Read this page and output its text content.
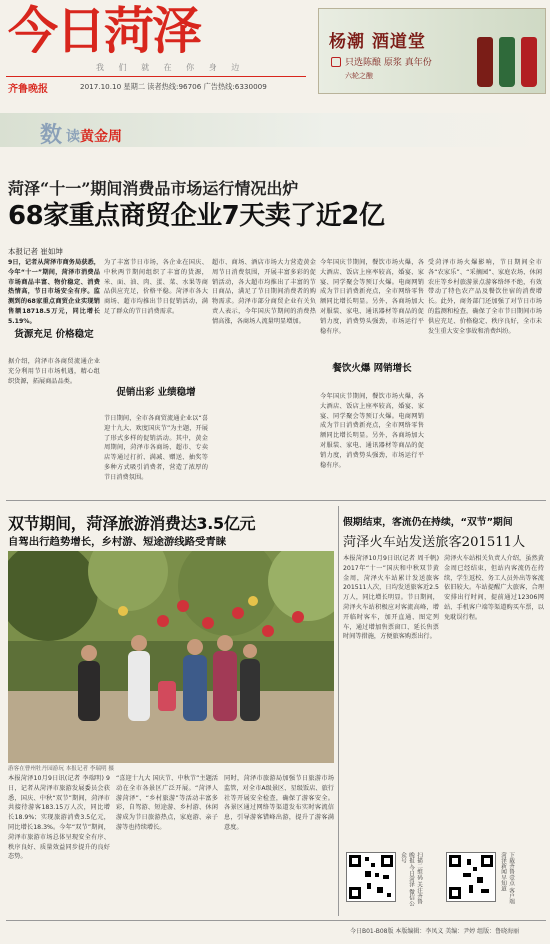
今日菏泽
我 们 就 在 你 身 边
齐鲁晚报	2017.10.10 星期二 读者热线:96706 广告热线:6330009
杨潮 酒道堂
只选陈酿 原浆 真年份
六轮之酿
数 读黄金周
菏泽“十一”期间消费品市场运行情况出炉
68家重点商贸企业7天卖了近2亿
本报记者 崔如坤
9日，记者从菏泽市商务局获悉，今年“十一”期间，菏泽市消费品市场商品丰富、物价稳定、消费热情高，节日市场安全有序。监测到的68家重点商贸企业实现销售额18718.5万元，同比增长5.19%。
货源充足 价格稳定
据介绍，菏泽市各商贸流通企业充分利用节日市场机遇，精心组织货源，拓展商品品类。
为了丰富节日市场，各企业在国庆、中秋两节期间组织了丰富的货源，米、面、油、肉、蛋、菜、水果等商品供应充足，价格平稳。菏泽市各大商场、超市均推出节日促销活动，满足了群众的节日消费需求。
促销出彩 业绩稳增
节日期间，全市各商贸流通企业以“喜迎十九大、欢度国庆节”为主题，开展了形式多样的促销活动。其中，黄金周期间，菏泽市各商场、超市、专卖店等通过打折、满减、赠送、抽奖等多种方式吸引消费者，营造了浓厚的节日消费氛围。
超市、商场、酒店市场大力营造黄金周节日消费氛围，开展丰富多彩的促销活动，各大超市均推出了丰富的节日商品，满足了节日期间消费者的购物需求。菏泽市部分商贸企业有关负责人表示，今年国庆节期间的消费热情高涨，各商场人流量明显增加。
今年国庆节期间，餐饮市场火爆，各大酒店、饭店上座率较高，婚宴、家宴、同学聚会等预订火爆。电商网销成为节日消费新亮点，全市网络零售额同比增长明显。另外，各商场加大对服装、家电、通讯器材等商品的促销力度，消费势头强劲，市场运行平稳有序。
餐饮火爆 网销增长
今年国庆节期间，餐饮市场火爆，各大酒店、饭店上座率较高，婚宴、家宴、同学聚会等预订火爆。电商网销成为节日消费新亮点，全市网络零售额同比增长明显。另外，各商场加大对服装、家电、通讯器材等商品的促销力度，消费势头强劲，市场运行平稳有序。
受菏泽市场火爆影响，节日期间全市各“农家乐”、“采摘园”、家庭农场、休闲农庄等乡村旅游景点游客络绎不绝，有效带动了特色农产品及餐饮住宿的消费增长。此外，商务部门还加强了对节日市场的监测和检查，确保了全市节日期间市场供应充足、价格稳定、秩序良好，全市未发生重大安全事故和消费纠纷。
双节期间，菏泽旅游消费达3.5亿元
自驾出行趋势增长，乡村游、短途游线路受青睐
游客在曹州牡丹园游玩 本报记者 李瑞明 摄
本报菏泽10月9日讯(记者 李瑞明) 9日，记者从菏泽市旅游发展委员会获悉，国庆、中秋“双节”期间，菏泽市共接待游客183.15万人次，同比增长18.9%；实现旅游消费3.5亿元，同比增长18.3%。今年“双节”期间，菏泽市旅游市场总体呈现安全有序、秩序良好、质量效益同步提升的良好态势。
“喜迎十九大 国庆节、中秋节”主题活动在全市各景区广泛开展。“菏泽人游菏泽”、“乡村旅游”等活动丰富多彩，自驾游、短途游、乡村游、休闲游成为节日旅游热点，家庭游、亲子游等也持续增长。
同时，菏泽市旅游局加强节日旅游市场监管，对全市A级景区、星级饭店、旅行社等开展安全检查，确保了游客安全。各景区通过网络等渠道发布实时客流信息，引导游客错峰出游，提升了游客满意度。
假期结束，客流仍在持续，“双节”期间
菏泽火车站发送旅客201511人
本报菏泽10月9日讯(记者 周千帆) 2017年“十一”国庆和中秋双节黄金周，菏泽火车站累计发送旅客201511人次，日均发送旅客近2.5万人，同比增长明显。节日期间，菏泽火车站积极应对客流高峰，增开临时客车，加开直通、图定列车，通过增加售票窗口、延长售票时间等措施，方便旅客购票出行。
菏泽火车站相关负责人介绍，虽然黄金周已经结束，但站内客流仍在持续，学生返校、务工人员外出等客流依旧较大。车站提醒广大旅客，合理安排出行时间，提前通过12306网站、手机客户端等渠道购买车票，以免耽误行程。
扫描二维码 关注齐鲁晚报·今日菏泽 微信公众号	下载齐鲁壹点 客户端 菏泽新闻早知道
今日B01-B08版 本版编辑：李凤义 美编：尹婷 组版：鲁晓海丽
